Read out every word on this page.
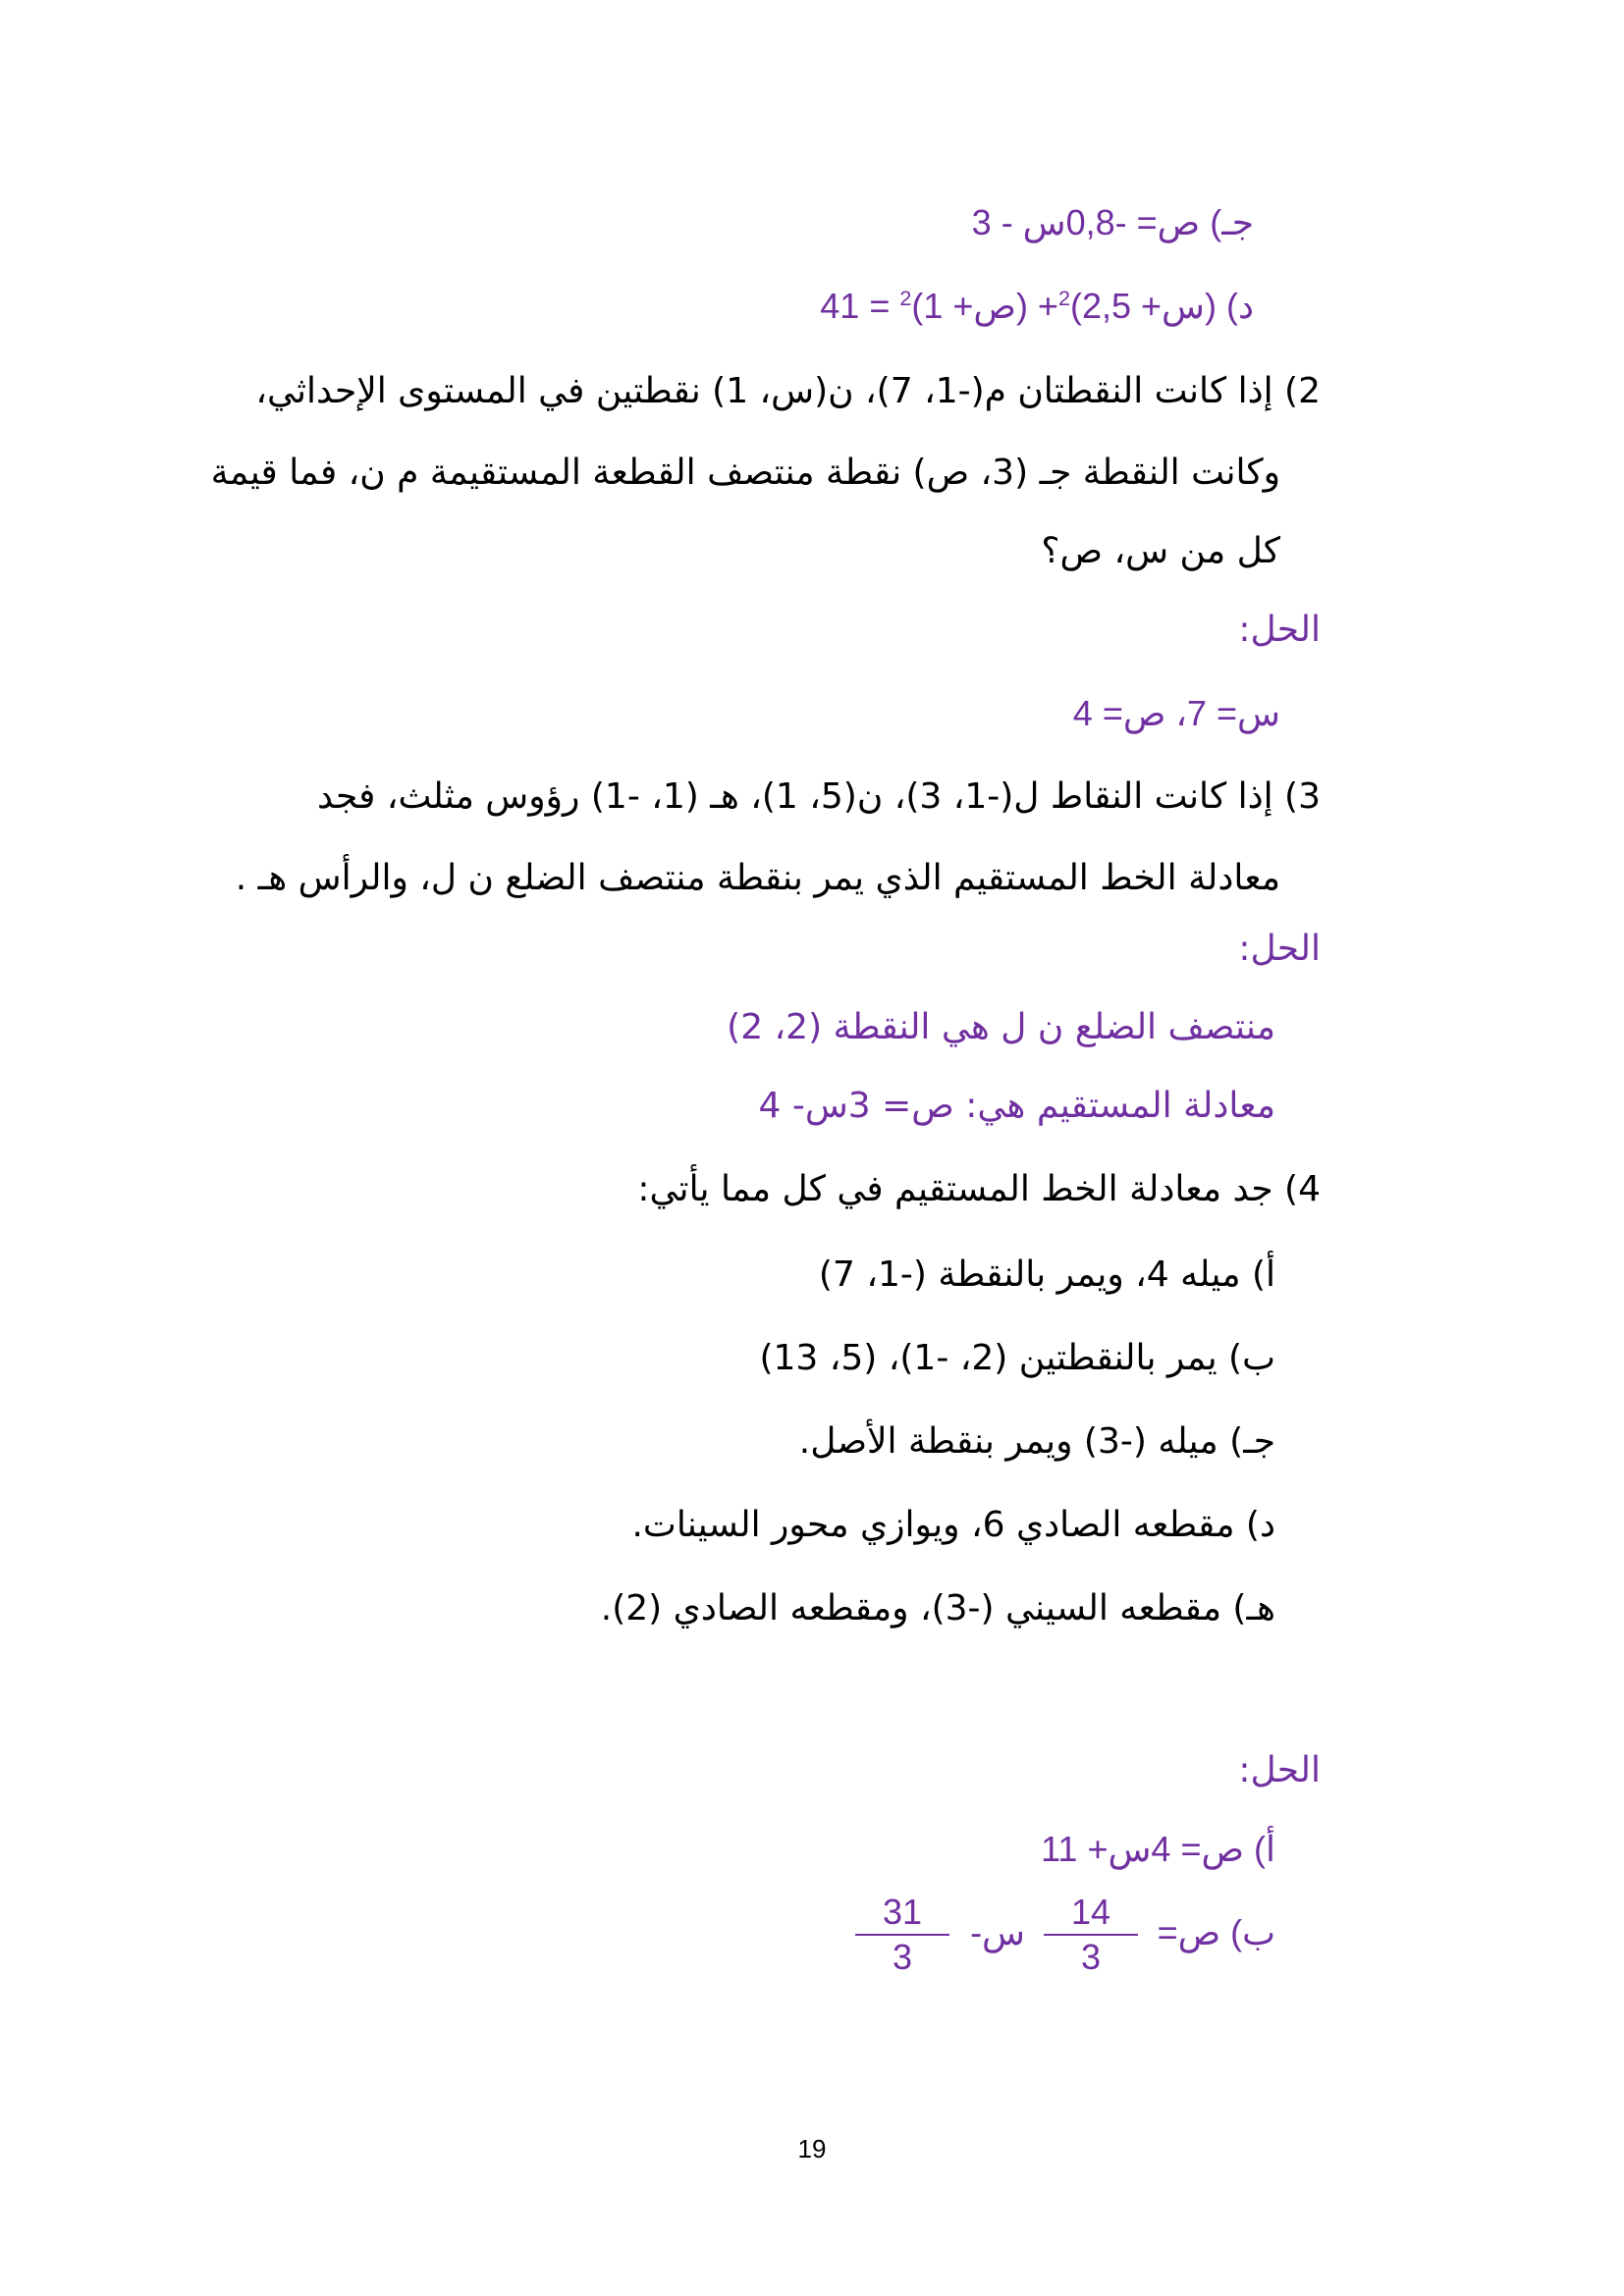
جـ) ص= -0,8س - 3
د) (س+ 2,5)$^2$+ (ص+ 1)$^2$ = 41
2) إذا كانت النقطتان م(-1، 7)، ن(س، 1) نقطتين في المستوى الإحداثي،
وكانت النقطة جـ (3، ص) نقطة منتصف القطعة المستقيمة م ن، فما قيمة
كل من س، ص؟
الحل:
س= 7، ص= 4
3) إذا كانت النقاط ل(-1، 3)، ن(5، 1)، هـ (1، -1) رؤوس مثلث، فجد
معادلة الخط المستقيم الذي يمر بنقطة منتصف الضلع ن ل، والرأس هـ .
الحل:
منتصف الضلع ن ل هي النقطة (2، 2)
معادلة المستقيم هي: ص= 3س- 4
4) جد معادلة الخط المستقيم في كل مما يأتي:
أ) ميله 4، ويمر بالنقطة (-1، 7)
ب) يمر بالنقطتين (2، -1)، (5، 13)
جـ) ميله (-3) ويمر بنقطة الأصل.
د) مقطعه الصادي 6، ويوازي محور السينات.
هـ) مقطعه السيني (-3)، ومقطعه الصادي (2).
الحل:
أ) ص= 4س+ 11
ب) ص=
14
3
س-
31
3
19
